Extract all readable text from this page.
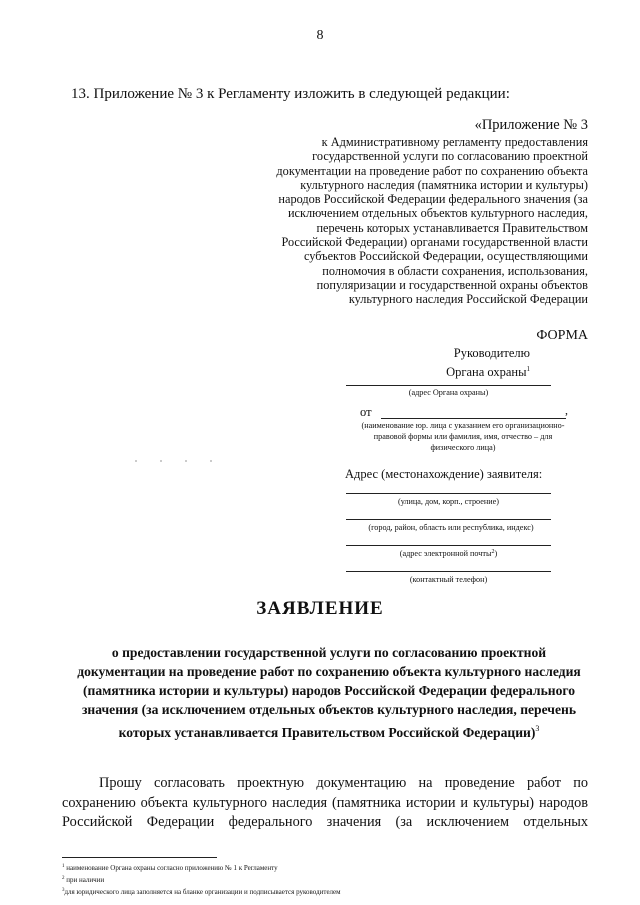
8
13. Приложение № 3 к Регламенту изложить в следующей редакции:
«Приложение № 3
к Административному регламенту предоставления
государственной услуги по согласованию проектной
документации на проведение работ по сохранению объекта
культурного наследия (памятника истории и культуры)
народов Российской Федерации федерального значения (за
исключением отдельных объектов культурного наследия,
перечень которых устанавливается Правительством
Российской Федерации) органами государственной власти
субъектов Российской Федерации, осуществляющими
полномочия в области сохранения, использования,
популяризации и государственной охраны объектов
культурного наследия Российской Федерации
ФОРМА
Руководителю
Органа охраны$^1$
(адрес Органа охраны)
от	,
(наименование юр. лица с указанием его организационно-
правовой формы или фамилия, имя, отчество – для
физического лица)
Адрес (местонахождение) заявителя:
(улица, дом, корп., строение)
(город, район, область или республика, индекс)
(адрес электронной почты$^2$)
(контактный телефон)
ЗАЯВЛЕНИЕ
о предоставлении государственной услуги по согласованию проектной документации на проведение работ по сохранению объекта культурного наследия (памятника истории и культуры) народов Российской Федерации федерального значения (за исключением отдельных объектов культурного наследия, перечень которых устанавливается Правительством Российской Федерации)$^3$
Прошу согласовать проектную документацию на проведение работ по сохранению объекта культурного наследия (памятника истории и культуры) народов Российской Федерации федерального значения (за исключением отдельных
$^1$ наименование Органа охраны согласно приложению № 1 к Регламенту
$^2$ при наличии
$^3$для юридического лица заполняется на бланке организации и подписывается руководителем
